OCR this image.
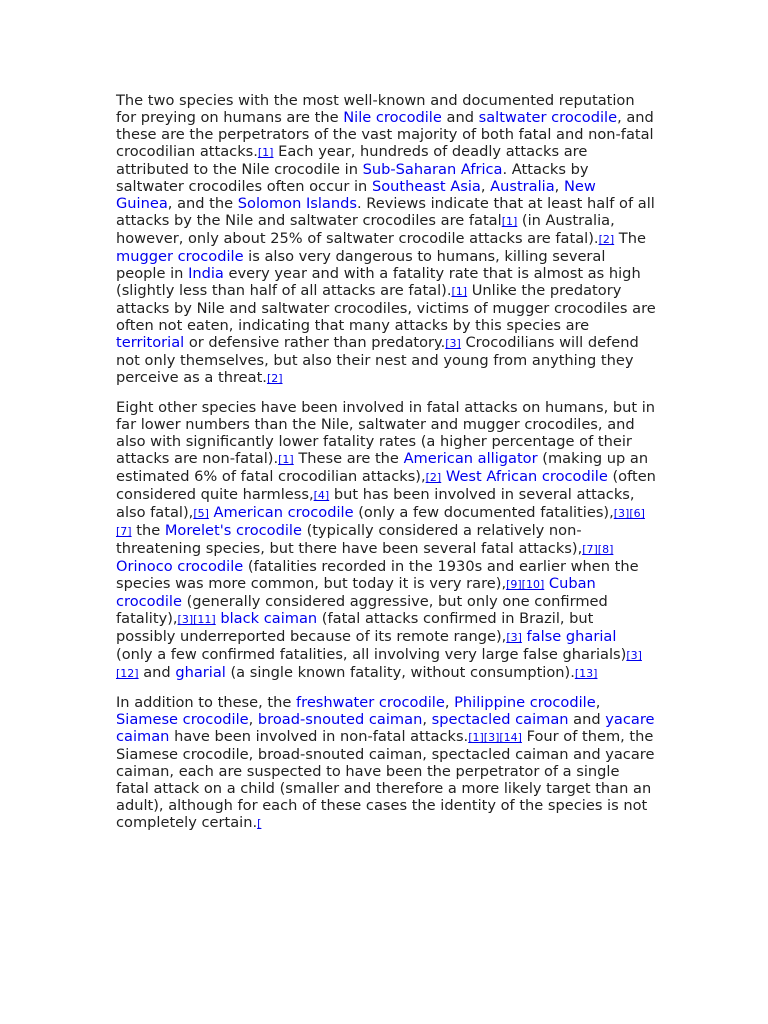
The two species with the most well-known and documented reputation for preying on humans are the Nile crocodile and saltwater crocodile, and these are the perpetrators of the vast majority of both fatal and non-fatal crocodilian attacks.[1] Each year, hundreds of deadly attacks are attributed to the Nile crocodile in Sub-Saharan Africa. Attacks by saltwater crocodiles often occur in Southeast Asia, Australia, New Guinea, and the Solomon Islands. Reviews indicate that at least half of all attacks by the Nile and saltwater crocodiles are fatal[1] (in Australia, however, only about 25% of saltwater crocodile attacks are fatal).[2] The mugger crocodile is also very dangerous to humans, killing several people in India every year and with a fatality rate that is almost as high (slightly less than half of all attacks are fatal).[1] Unlike the predatory attacks by Nile and saltwater crocodiles, victims of mugger crocodiles are often not eaten, indicating that many attacks by this species are territorial or defensive rather than predatory.[3] Crocodilians will defend not only themselves, but also their nest and young from anything they perceive as a threat.[2]

Eight other species have been involved in fatal attacks on humans, but in far lower numbers than the Nile, saltwater and mugger crocodiles, and also with significantly lower fatality rates (a higher percentage of their attacks are non-fatal).[1] These are the American alligator (making up an estimated 6% of fatal crocodilian attacks),[2] West African crocodile (often considered quite harmless,[4] but has been involved in several attacks, also fatal),[5] American crocodile (only a few documented fatalities),[3][6][7] the Morelet's crocodile (typically considered a relatively non-threatening species, but there have been several fatal attacks),[7][8] Orinoco crocodile (fatalities recorded in the 1930s and earlier when the species was more common, but today it is very rare),[9][10] Cuban crocodile (generally considered aggressive, but only one confirmed fatality),[3][11] black caiman (fatal attacks confirmed in Brazil, but possibly underreported because of its remote range),[3] false gharial (only a few confirmed fatalities, all involving very large false gharials)[3][12] and gharial (a single known fatality, without consumption).[13]

In addition to these, the freshwater crocodile, Philippine crocodile, Siamese crocodile, broad-snouted caiman, spectacled caiman and yacare caiman have been involved in non-fatal attacks.[1][3][14] Four of them, the Siamese crocodile, broad-snouted caiman, spectacled caiman and yacare caiman, each are suspected to have been the perpetrator of a single fatal attack on a child (smaller and therefore a more likely target than an adult), although for each of these cases the identity of the species is not completely certain.[
